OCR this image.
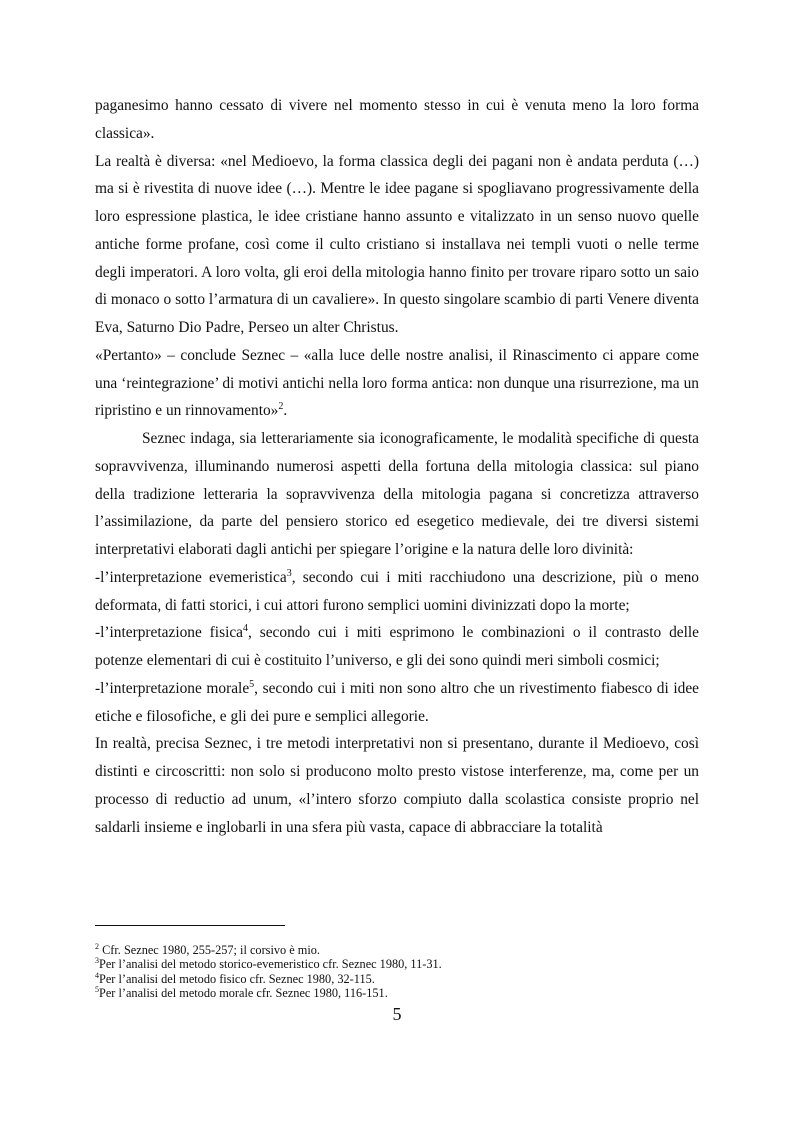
paganesimo hanno cessato di vivere nel momento stesso in cui è venuta meno la loro forma classica».

La realtà è diversa: «nel Medioevo, la forma classica degli dei pagani non è andata perduta (…) ma si è rivestita di nuove idee (…). Mentre le idee pagane si spogliavano progressivamente della loro espressione plastica, le idee cristiane hanno assunto e vitalizzato in un senso nuovo quelle antiche forme profane, così come il culto cristiano si installava nei templi vuoti o nelle terme degli imperatori. A loro volta, gli eroi della mitologia hanno finito per trovare riparo sotto un saio di monaco o sotto l’armatura di un cavaliere». In questo singolare scambio di parti Venere diventa Eva, Saturno Dio Padre, Perseo un alter Christus.

«Pertanto» – conclude Seznec – «alla luce delle nostre analisi, il Rinascimento ci appare come una ‘reintegrazione’ di motivi antichi nella loro forma antica: non dunque una risurrezione, ma un ripristino e un rinnovamento»$^2$.

Seznec indaga, sia letterariamente sia iconograficamente, le modalità specifiche di questa sopravvivenza, illuminando numerosi aspetti della fortuna della mitologia classica: sul piano della tradizione letteraria la sopravvivenza della mitologia pagana si concretizza attraverso l’assimilazione, da parte del pensiero storico ed esegetico medievale, dei tre diversi sistemi interpretativi elaborati dagli antichi per spiegare l’origine e la natura delle loro divinità:

-l’interpretazione evemeristica$^3$, secondo cui i miti racchiudono una descrizione, più o meno deformata, di fatti storici, i cui attori furono semplici uomini divinizzati dopo la morte;

-l’interpretazione fisica$^4$, secondo cui i miti esprimono le combinazioni o il contrasto delle potenze elementari di cui è costituito l’universo, e gli dei sono quindi meri simboli cosmici;

-l’interpretazione morale$^5$, secondo cui i miti non sono altro che un rivestimento fiabesco di idee etiche e filosofiche, e gli dei pure e semplici allegorie.

In realtà, precisa Seznec, i tre metodi interpretativi non si presentano, durante il Medioevo, così distinti e circoscritti: non solo si producono molto presto vistose interferenze, ma, come per un processo di reductio ad unum, «l’intero sforzo compiuto dalla scolastica consiste proprio nel saldarli insieme e inglobarli in una sfera più vasta, capace di abbracciare la totalità

$^2$ Cfr. Seznec 1980, 255-257; il corsivo è mio.

$^3$Per l’analisi del metodo storico-evemeristico cfr. Seznec 1980, 11-31.

$^4$Per l’analisi del metodo fisico cfr. Seznec 1980, 32-115.

$^5$Per l’analisi del metodo morale cfr. Seznec 1980, 116-151.

5
